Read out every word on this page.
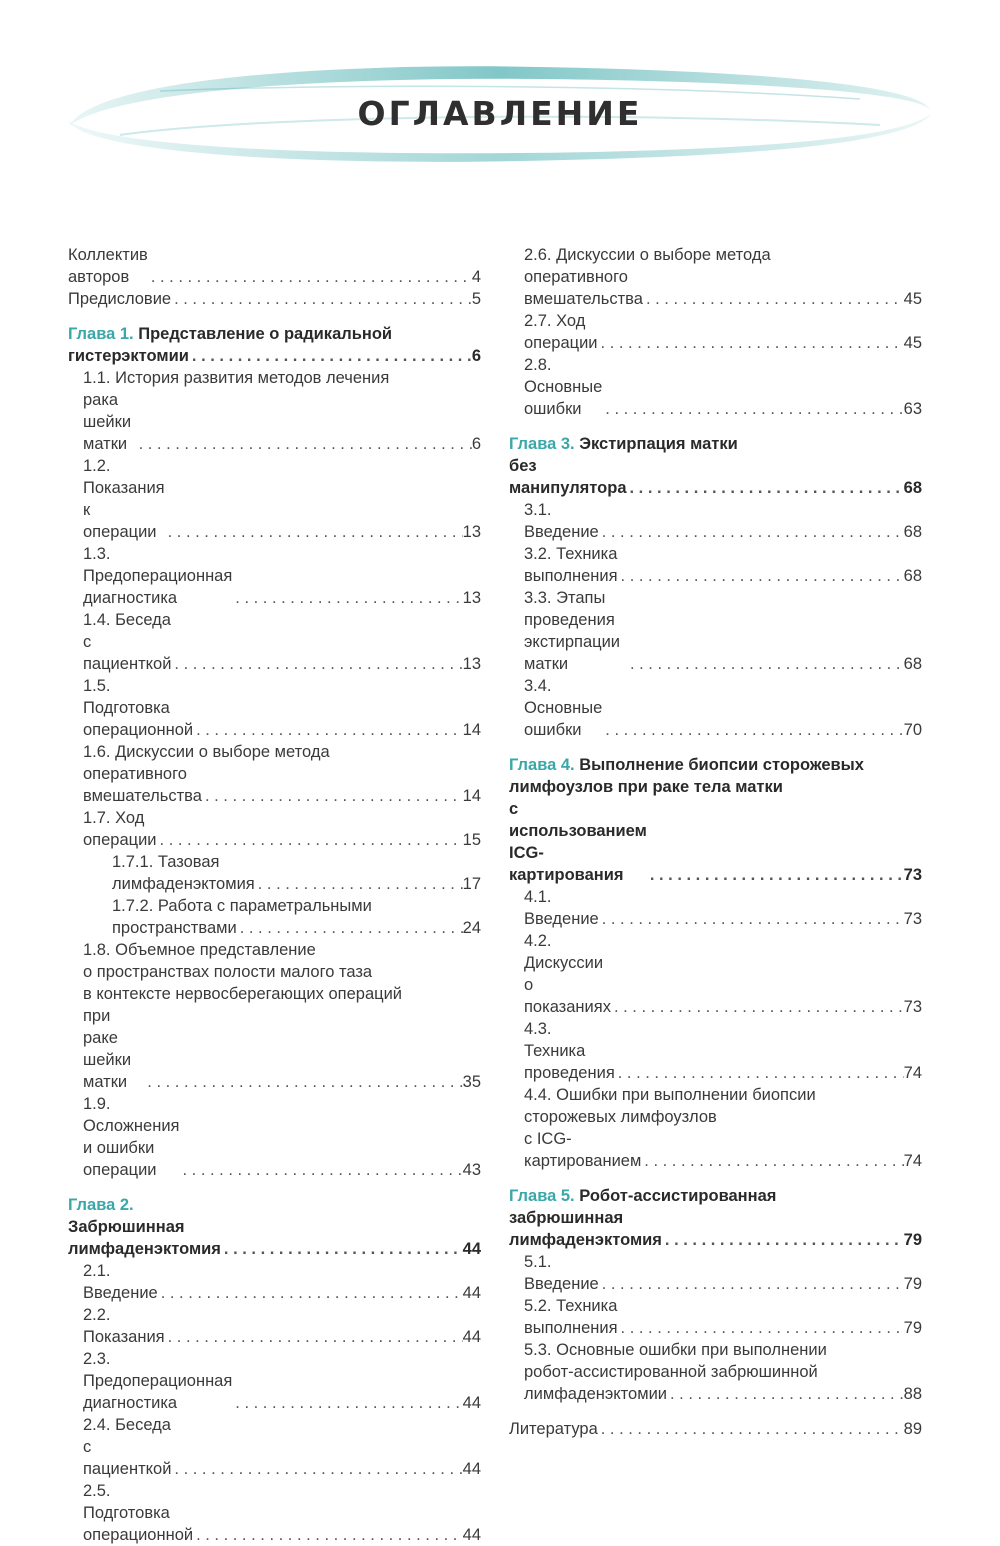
ОГЛАВЛЕНИЕ
Коллектив авторов . . .	4
Предисловие . . .	5
Глава 1. Представление о радикальной
гистерэктомии . . .	6
1.1. История развития методов лечения
рака шейки матки . . .	6
1.2. Показания к операции . . .	13
1.3. Предоперационная диагностика . . .	13
1.4. Беседа с пациенткой . . .	13
1.5. Подготовка операционной . . .	14
1.6. Дискуссии о выборе метода
оперативного вмешательства . . .	14
1.7. Ход операции . . .	15
1.7.1. Тазовая лимфаденэктомия . . .	17
1.7.2. Работа с параметральными
пространствами . . .	24
1.8. Объемное представление
о пространствах полости малого таза
в контексте нервосберегающих операций
при раке шейки матки . . .	35
1.9. Осложнения и ошибки операции . . .	43
Глава 2. Забрюшинная лимфаденэктомия . . .	44
2.1. Введение . . .	44
2.2. Показания . . .	44
2.3. Предоперационная диагностика . . .	44
2.4. Беседа с пациенткой . . .	44
2.5. Подготовка операционной . . .	44
2.6. Дискуссии о выборе метода
оперативного вмешательства . . .	45
2.7. Ход операции . . .	45
2.8. Основные ошибки . . .	63
Глава 3. Экстирпация матки
без манипулятора . . .	68
3.1. Введение . . .	68
3.2. Техника выполнения . . .	68
3.3. Этапы проведения экстирпации матки . . .	68
3.4. Основные ошибки . . .	70
Глава 4. Выполнение биопсии сторожевых
лимфоузлов при раке тела матки
с использованием ICG-картирования . . .	73
4.1. Введение . . .	73
4.2. Дискуссии о показаниях . . .	73
4.3. Техника проведения . . .	74
4.4. Ошибки при выполнении биопсии
сторожевых лимфоузлов
с ICG-картированием . . .	74
Глава 5. Робот-ассистированная
забрюшинная лимфаденэктомия . . .	79
5.1. Введение . . .	79
5.2. Техника выполнения . . .	79
5.3. Основные ошибки при выполнении
робот-ассистированной забрюшинной
лимфаденэктомии . . .	88
Литература . . .	89
